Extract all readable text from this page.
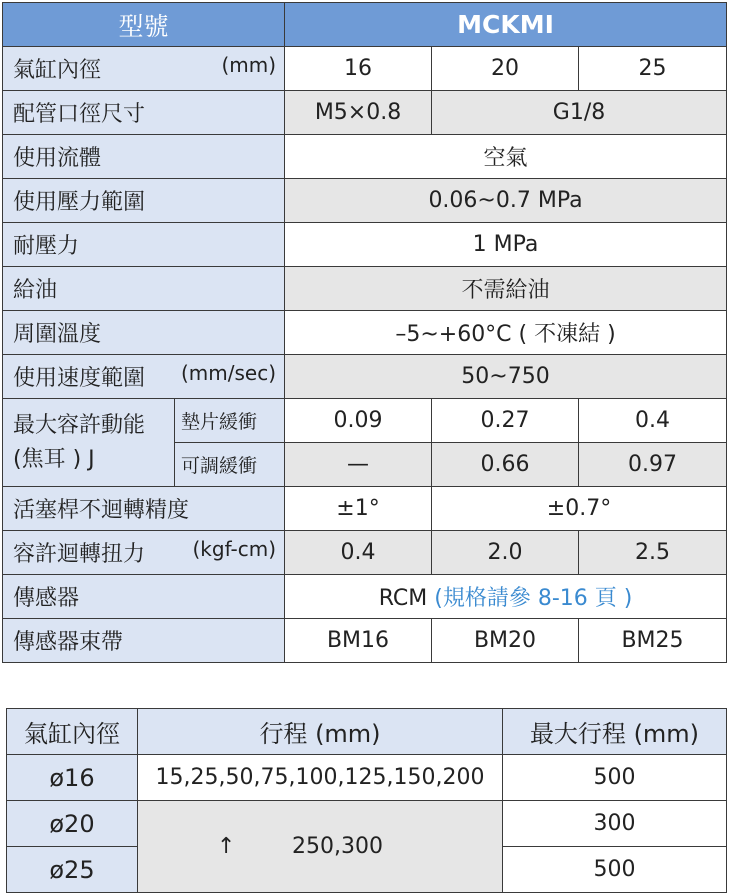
型號		MCKMI		
氣缸內徑 (mm)		16	20	25
配管口徑尺寸		M5×0.8	G1/8	
使用流體		空氣		
使用壓力範圍		0.06~0.7 MPa		
耐壓力		1 MPa		
給油		不需給油		
周圍溫度		–5~+60°C ( 不凍結 )		
使用速度範圍 (mm/sec)		50~750		
最大容許動能
(焦耳 ) J	墊片緩衝	0.09	0.27	0.4
	可調緩衝	—	0.66	0.97
活塞桿不迴轉精度		±1°	±0.7°	
容許迴轉扭力 (kgf-cm)		0.4	2.0	2.5
傳感器		RCM (規格請參 8-16 頁 )		
傳感器束帶		BM16	BM20	BM25
氣缸內徑	行程 (mm)	最大行程 (mm)
ø16	15,25,50,75,100,125,150,200	500
ø20	↑ 250,300	300
ø25		500
